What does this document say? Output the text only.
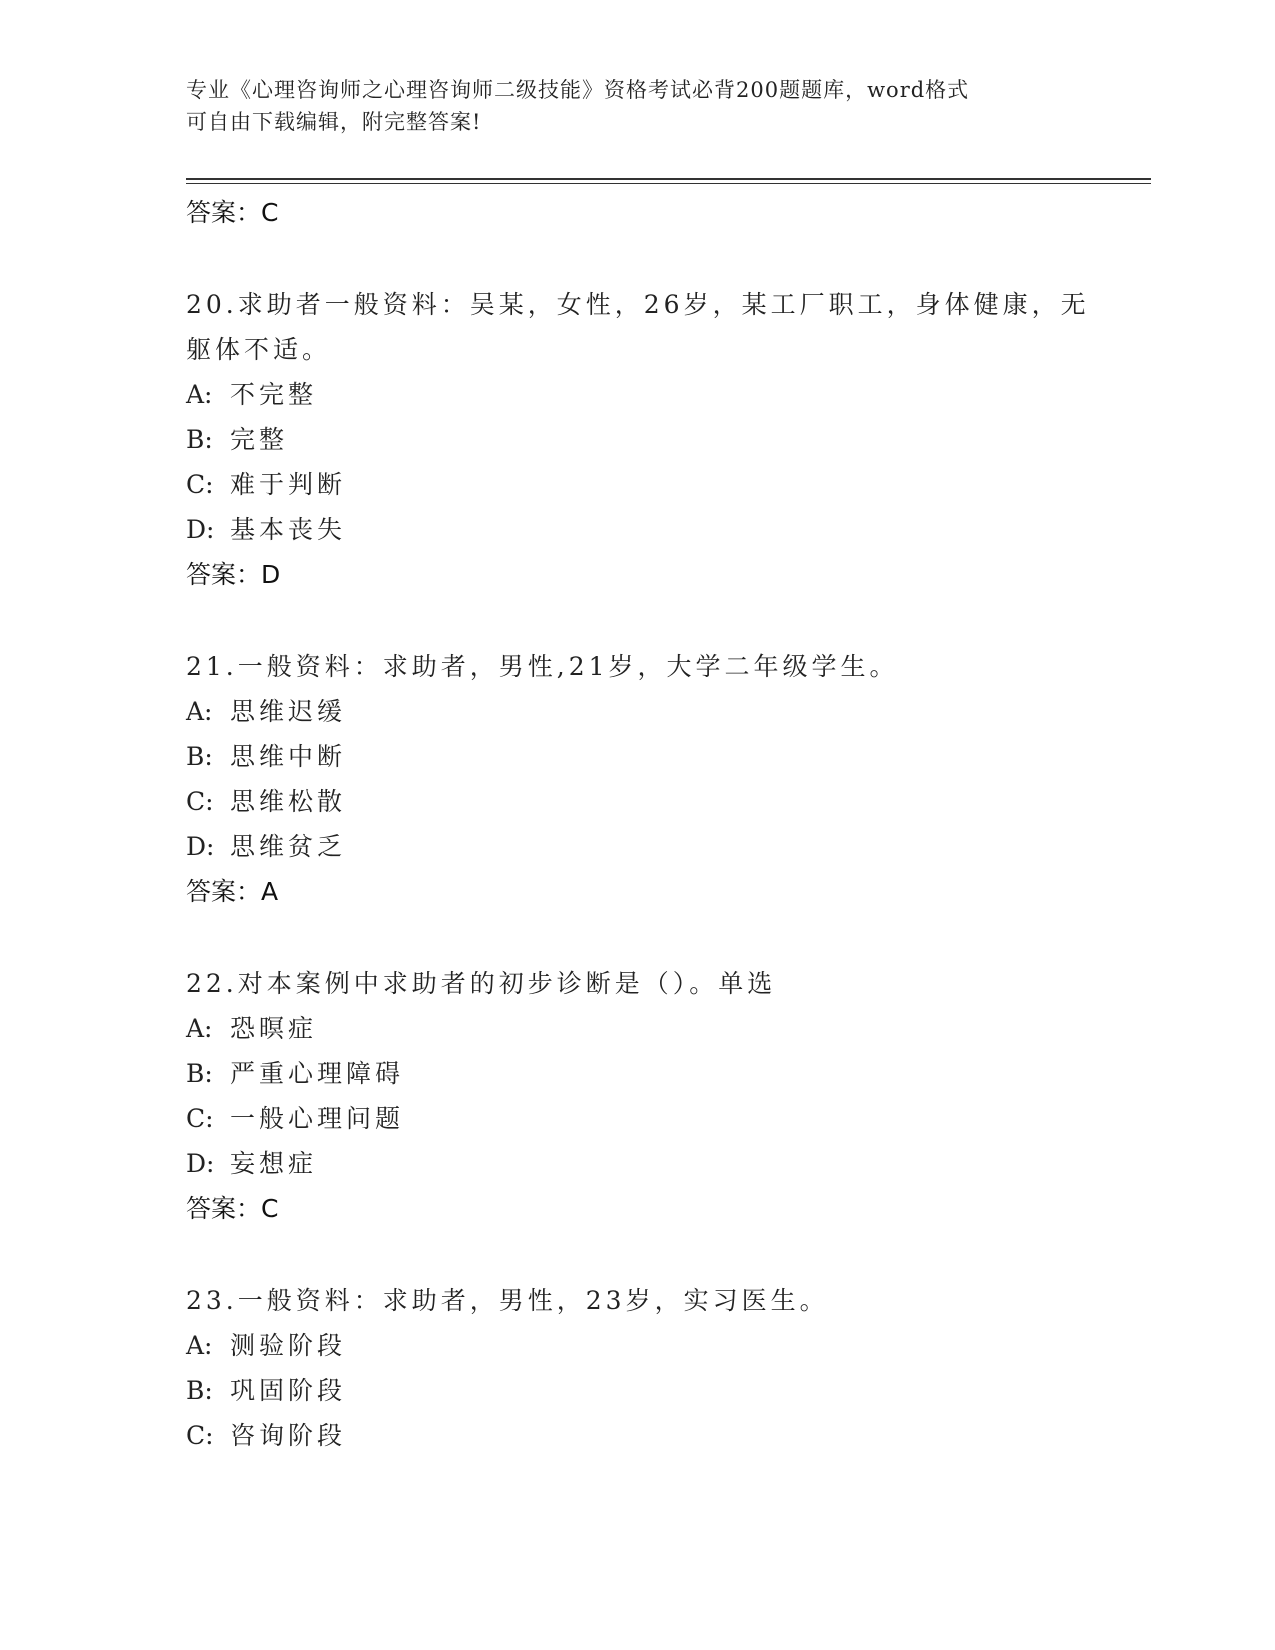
专业《心理咨询师之心理咨询师二级技能》资格考试必背200题题库，word格式
可自由下载编辑，附完整答案!
答案：C
20.求助者一般资料：吴某，女性，26岁，某工厂职工，身体健康，无
躯体不适。
A: 不完整
B: 完整
C: 难于判断
D: 基本丧失
答案：D
21.一般资料：求助者，男性,21岁，大学二年级学生。
A: 思维迟缓
B: 思维中断
C: 思维松散
D: 思维贫乏
答案：A
22.对本案例中求助者的初步诊断是（）。单选
A: 恐暝症
B: 严重心理障碍
C: 一般心理问题
D: 妄想症
答案：C
23.一般资料：求助者，男性，23岁，实习医生。
A: 测验阶段
B: 巩固阶段
C: 咨询阶段
